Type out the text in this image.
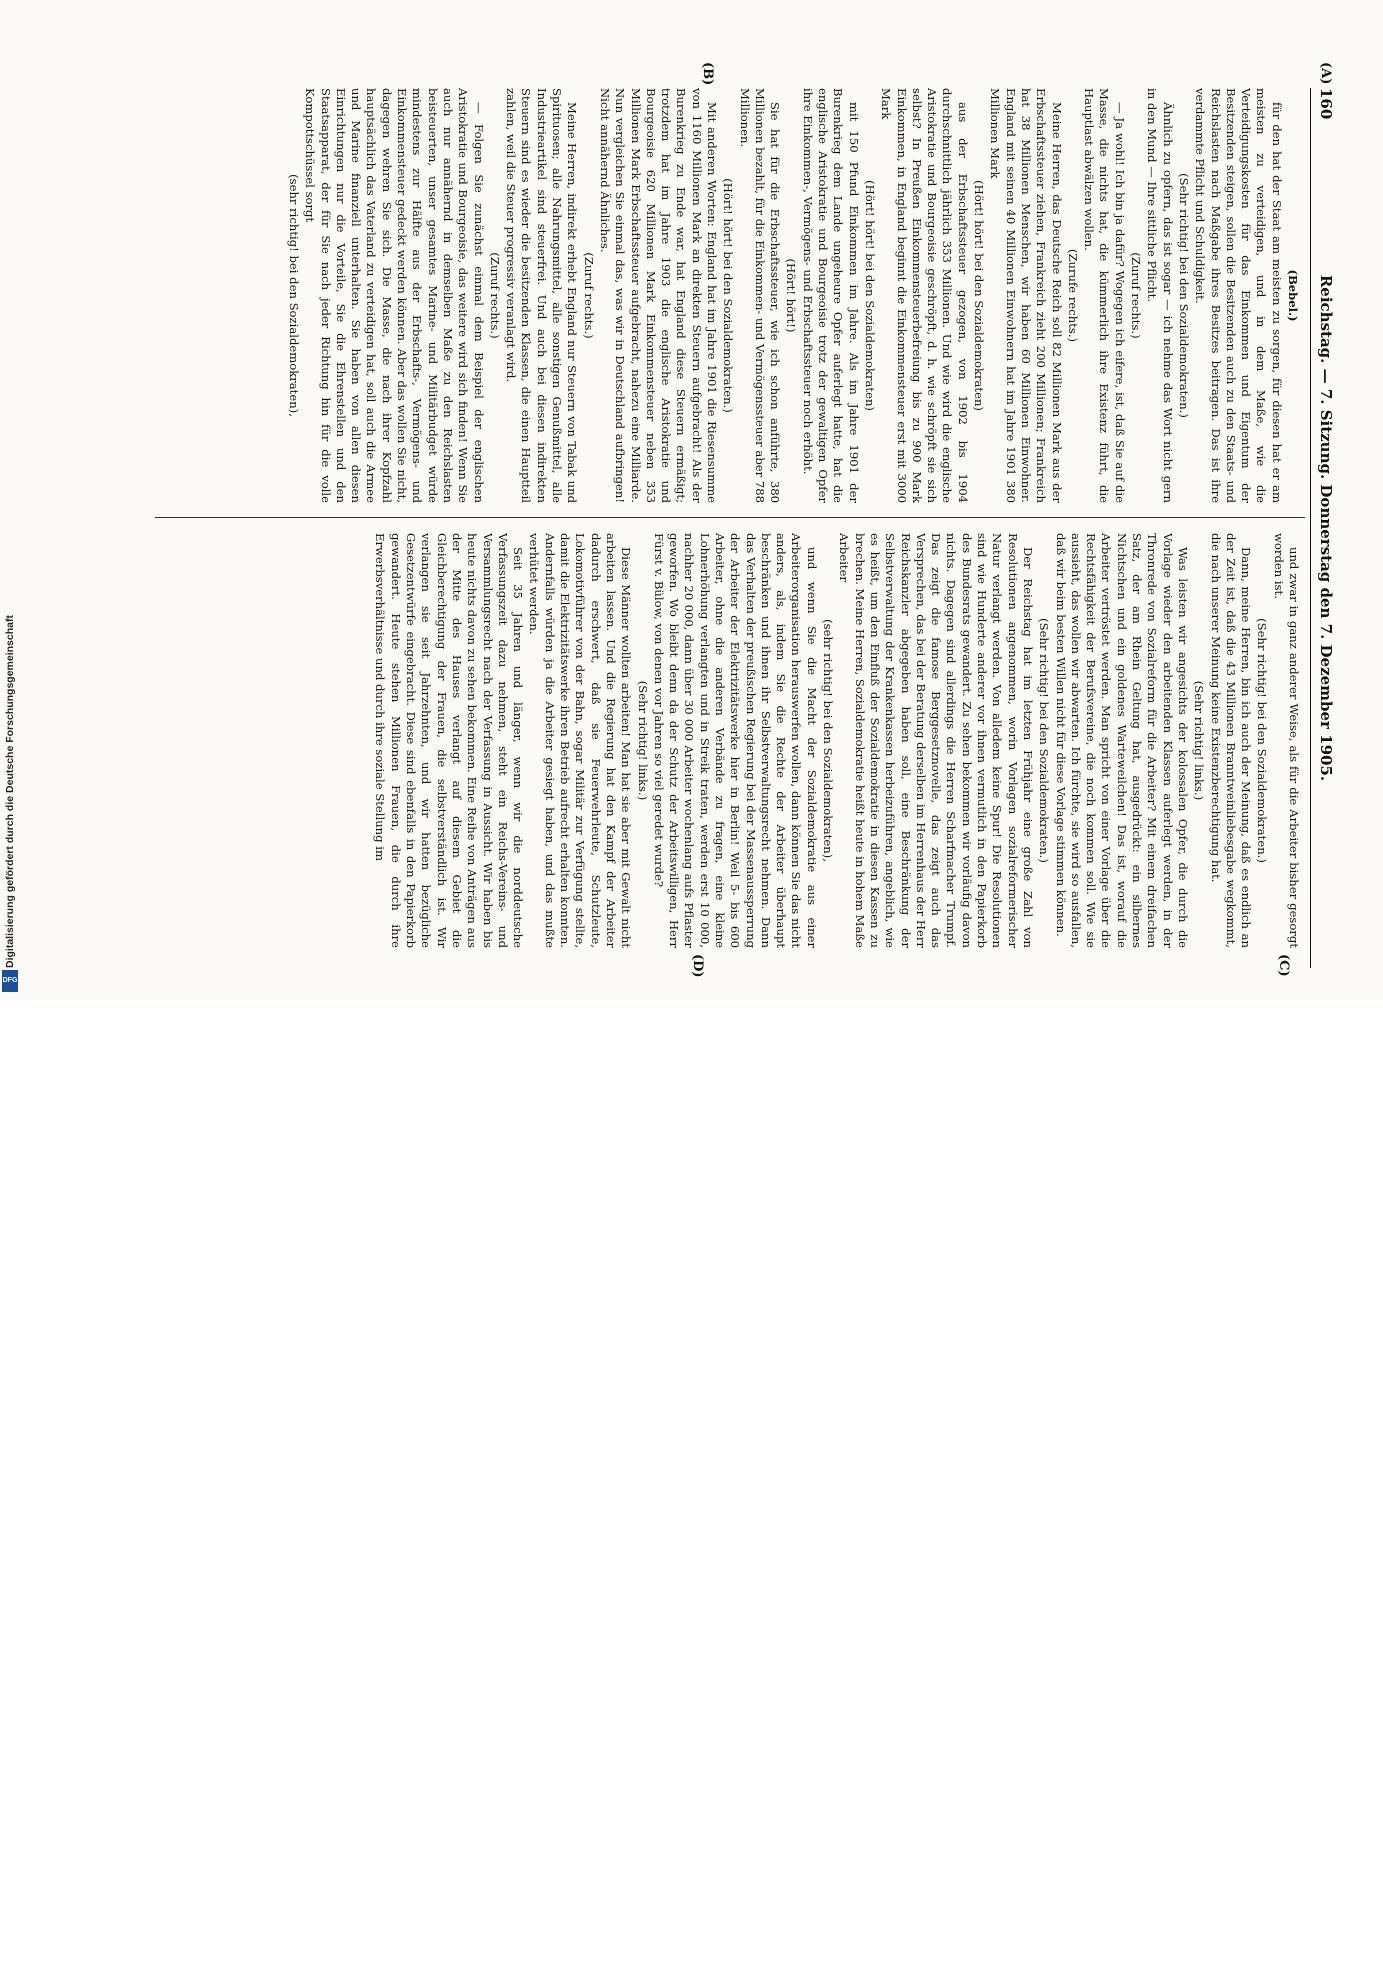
160
Reichstag. — 7. Sitzung. Donnerstag den 7. Dezember 1905.
(A)
(B)
(C)
(D)
(Bebel.)
für den hat der Staat am meisten zu sorgen, für diesen hat er am meisten zu verteidigen, und in dem Maße, wie die Verteidigungskosten für das Einkommen und Eigentum der Besitzenden steigen, sollen die Besitzenden auch zu den Staats- und Reichslasten nach Maßgabe ihres Besitzes beitragen. Das ist ihre verdammte Pflicht und Schuldigkeit.
(Sehr richtig! bei den Sozialdemokraten.)
Ähnlich zu opfern, das ist sogar — ich nehme das Wort nicht gern in den Mund — Ihre sittliche Pflicht.
(Zuruf rechts.)
— Ja wohl! Ich bin ja dafür? Wogegen ich eifere, ist, daß Sie auf die Masse, die nichts hat, die kümmerlich ihre Existenz führt, die Hauptlast abwälzen wollen.
(Zurufe rechts.)
Meine Herren, das Deutsche Reich soll 82 Millionen Mark aus der Erbschaftssteuer ziehen, Frankreich zieht 200 Millionen; Frankreich hat 38 Millionen Menschen, wir haben 60 Millionen Einwohner. England mit seinen 40 Millionen Einwohnern hat im Jahre 1901 380 Millionen Mark
(Hört! hört! bei den Sozialdemokraten)
aus der Erbschaftssteuer gezogen, von 1902 bis 1904 durchschnittlich jährlich 353 Millionen. Und wie wird die englische Aristokratie und Bourgeoisie geschröpft, d. h. wie schröpft sie sich selbst? In Preußen Einkommensteuerbefreiung bis zu 900 Mark Einkommen, in England beginnt die Einkommensteuer erst mit 3000 Mark
(Hört! hört! bei den Sozialdemokraten)
mit 150 Pfund Einkommen im Jahre. Als im Jahre 1901 der Burenkrieg dem Lande ungeheure Opfer auferlegt hatte, hat die englische Aristokratie und Bourgeoisie trotz der gewaltigen Opfer ihre Einkommen-, Vermögens- und Erbschaftssteuer noch erhöht.
(Hört! hört!)
Sie hat für die Erbschaftssteuer, wie ich schon anführte, 380 Millionen bezahlt, für die Einkommen- und Vermögenssteuer aber 788 Millionen.
(Hört! hört! bei den Sozialdemokraten.)
Mit anderen Worten: England hat im Jahre 1901 die Riesensumme von 1160 Millionen Mark an direkten Steuern aufgebracht! Als der Burenkrieg zu Ende war, hat England diese Steuern ermäßigt; trotzdem hat im Jahre 1903 die englische Aristokratie und Bourgeoisie 620 Millionen Mark Einkommensteuer neben 353 Millionen Mark Erbschaftssteuer aufgebracht, nahezu eine Milliarde. Nun vergleichen Sie einmal das, was wir in Deutschland aufbringen! Nicht annähernd Ähnliches.
(Zuruf rechts.)
Meine Herren, indirekt erhebt England nur Steuern von Tabak und Spirituosen; alle Nahrungsmittel, alle sonstigen Genußmittel, alle Industrieartikel sind steuerfrei. Und auch bei diesen indirekten Steuern sind es wieder die besitzenden Klassen, die einen Hauptteil zahlen, weil die Steuer progressiv veranlagt wird.
(Zuruf rechts.)
— Folgen Sie zunächst einmal dem Beispiel der englischen Aristokratie und Bourgeoisie, das weitere wird sich finden! Wenn Sie auch nur annähernd in demselben Maße zu den Reichslasten beisteuerten, unser gesamtes Marine- und Militärbudget würde mindestens zur Hälfte aus der Erbschafts-, Vermögens- und Einkommensteuer gedeckt werden können. Aber das wollen Sie nicht, dagegen wehren Sie sich. Die Masse, die nach ihrer Kopfzahl hauptsächlich das Vaterland zu verteidigen hat, soll auch die Armee und Marine finanziell unterhalten. Sie haben von allen diesen Einrichtungen nur die Vorteile, Sie die Ehrenstellen und den Staatsapparat, der für Sie nach jeder Richtung hin für die volle Kompottschüssel sorgt
(sehr richtig! bei den Sozialdemokraten),
und zwar in ganz anderer Weise, als für die Arbeiter bisher gesorgt worden ist.
(Sehr richtig! bei den Sozialdemokraten.)
Dann, meine Herren, bin ich auch der Meinung, daß es endlich an der Zeit ist, daß die 43 Millionen Branntweinliebesgabe wegkommt, die nach unserer Meinung keine Existenzberechtigung hat.
(Sehr richtig! links.)
Was leisten wir angesichts der kolossalen Opfer, die durch die Vorlage wieder den arbeitenden Klassen auferlegt werden, in der Thronrede von Sozialreform für die Arbeiter? Mit einem dreifachen Satz, der am Rhein Geltung hat, ausgedrückt: ein silbernes Nichtschen und ein goldenes Warteweilchen! Das ist, worauf die Arbeiter vertröstet werden. Man spricht von einer Vorlage über die Rechtsfähigkeit der Berufsvereine, die noch kommen soll. Wie sie aussieht, das wollen wir abwarten. Ich fürchte, sie wird so ausfallen, daß wir beim besten Willen nicht für diese Vorlage stimmen können.
(Sehr richtig! bei den Sozialdemokraten.)
Der Reichstag hat im letzten Frühjahr eine große Zahl von Resolutionen angenommen, worin Vorlagen sozialreformerischer Natur verlangt werden. Von alledem keine Spur! Die Resolutionen sind wie Hunderte anderer vor ihnen vermutlich in den Papierkorb des Bundesrats gewandert. Zu sehen bekommen wir vorläufig davon nichts. Dagegen sind allerdings die Herren Scharfmacher Trumpf. Das zeigt die famose Berggesetznovelle, das zeigt auch das Versprechen, das bei der Beratung derselben im Herrenhaus der Herr Reichskanzler abgegeben haben soll, eine Beschränkung der Selbstverwaltung der Krankenkassen herbeizuführen, angeblich, wie es heißt, um den Einfluß der Sozialdemokratie in diesen Kassen zu brechen. Meine Herren, Sozialdemokratie heißt heute in hohem Maße Arbeiter
(sehr richtig! bei den Sozialdemokraten),
und wenn Sie die Macht der Sozialdemokratie aus einer Arbeiterorganisation herauswerfen wollen, dann können Sie das nicht anders, als, indem Sie die Rechte der Arbeiter überhaupt beschränken und ihnen ihr Selbstverwaltungsrecht nehmen. Dann das Verhalten der preußischen Regierung bei der Massenaussperrung der Arbeiter der Elektrizitätswerke hier in Berlin! Weil 5- bis 600 Arbeiter, ohne die anderen Verbände zu fragen, eine kleine Lohnerhöhung verlangten und in Streik traten, werden erst 10 000, nachher 20 000, dann über 30 000 Arbeiter wochenlang aufs Pflaster geworfen. Wo bleibt denn da der Schutz der Arbeitswilligen, Herr Fürst v. Bülow, von denen vor Jahren so viel geredet wurde?
(Sehr richtig! links.)
Diese Männer wollten arbeiten! Man hat sie aber mit Gewalt nicht arbeiten lassen. Und die Regierung hat den Kampf der Arbeiter dadurch erschwert, daß sie Feuerwehrleute, Schutzleute, Lokomotivführer von der Bahn, sogar Militär zur Verfügung stellte, damit die Elektrizitätswerke ihren Betrieb aufrecht erhalten konnten. Andernfalls würden ja die Arbeiter gesiegt haben, und das mußte verhütet werden.
Seit 35 Jahren und länger, wenn wir die norddeutsche Verfassungszeit dazu nehmen, steht ein Reichs-Vereins- und Versammlungsrecht nach der Verfassung in Aussicht. Wir haben bis heute nichts davon zu sehen bekommen. Eine Reihe von Anträgen aus der Mitte des Hauses verlangt auf diesem Gebiet die Gleichberechtigung der Frauen, die selbstverständlich ist. Wir verlangen sie seit Jahrzehnten, und wir hatten bezügliche Gesetzentwürfe eingebracht. Diese sind ebenfalls in den Papierkorb gewandert. Heute stehen Millionen Frauen, die durch ihre Erwerbsverhältnisse und durch ihre soziale Stellung im
Digitalisierung gefördert durch die Deutsche Forschungsgemeinschaft
DFG
